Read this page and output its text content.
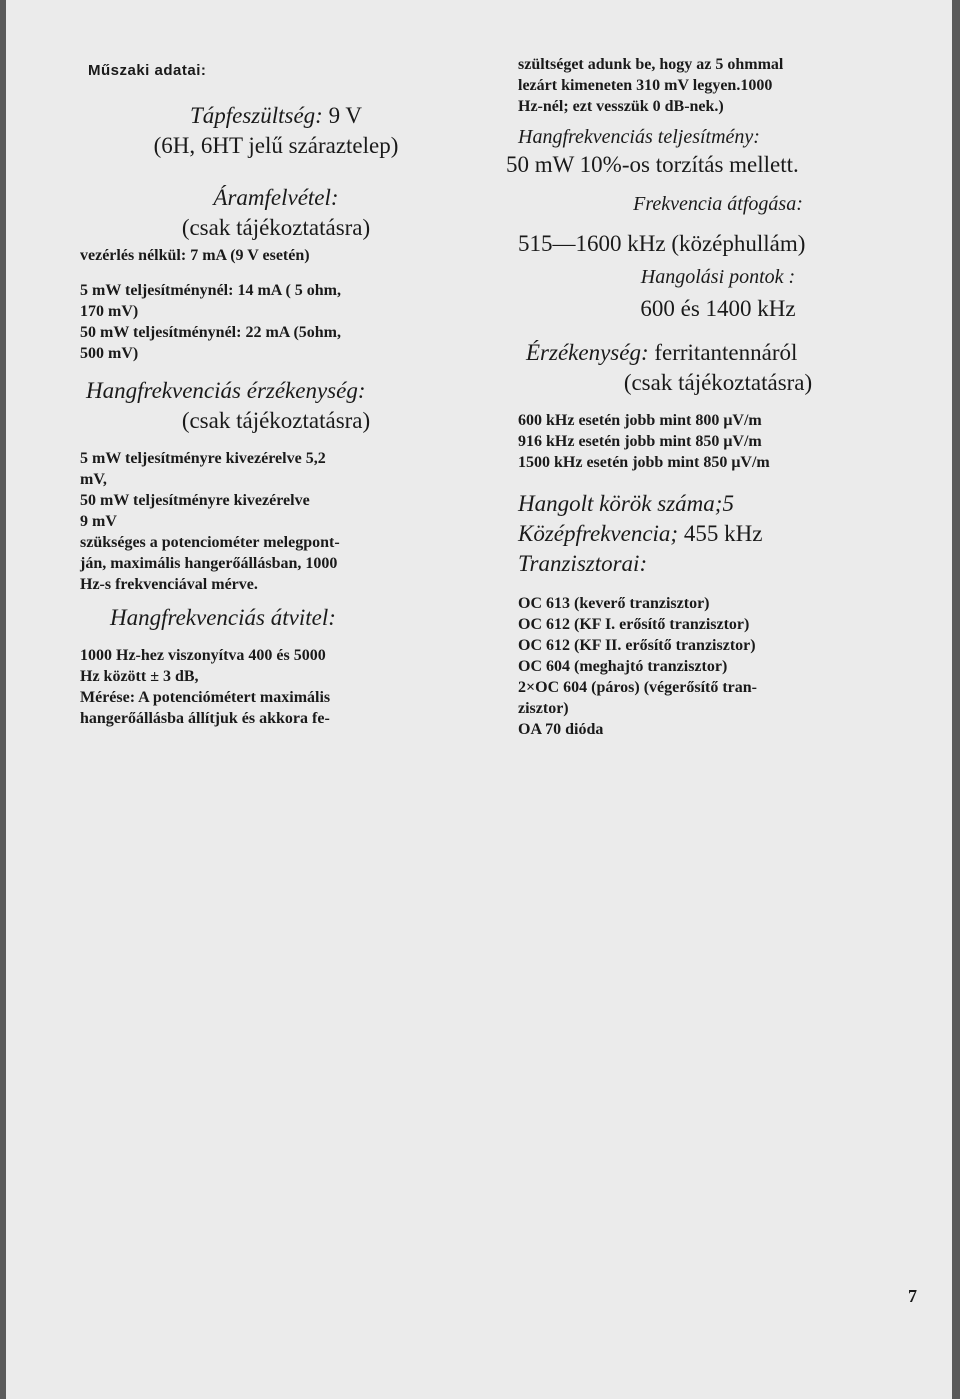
Műszaki adatai:
Tápfeszültség: 9 V
(6H, 6HT jelű száraztelep)
Áramfelvétel:
(csak tájékoztatásra)
vezérlés nélkül: 7 mA (9 V esetén)
5 mW teljesítménynél: 14 mA ( 5 ohm,
170 mV)
50 mW teljesítménynél: 22 mA (5ohm,
500 mV)
Hangfrekvenciás érzékenység:
(csak tájékoztatásra)
5 mW teljesítményre kivezérelve 5,2
mV,
50 mW teljesítményre kivezérelve
9 mV
szükséges a potenciométer melegpont-
ján, maximális hangerőállásban, 1000
Hz-s frekvenciával mérve.
Hangfrekvenciás átvitel:
1000 Hz-hez viszonyítva 400 és 5000
Hz között ± 3 dB,
Mérése: A potenciómétert maximális
hangerőállásba állítjuk és akkora fe-
szültséget adunk be, hogy az 5 ohmmal
lezárt kimeneten 310 mV legyen.1000
Hz-nél; ezt vesszük 0 dB-nek.)
Hangfrekvenciás teljesítmény:
50 mW 10%-os torzítás mellett.
Frekvencia átfogása:
515—1600 kHz (középhullám)
Hangolási pontok :
600 és 1400 kHz
Érzékenység: ferritantennáról
(csak tájékoztatásra)
600 kHz esetén jobb mint 800 μV/m
916 kHz esetén jobb mint 850 μV/m
1500 kHz esetén jobb mint 850 μV/m
Hangolt körök száma;5
Középfrekvencia; 455 kHz
Tranzisztorai:
OC 613 (keverő tranzisztor)
OC 612 (KF I. erősítő tranzisztor)
OC 612 (KF II. erősítő tranzisztor)
OC 604 (meghajtó tranzisztor)
2×OC 604 (páros) (végerősítő tran-
zisztor)
OA 70 dióda
7
